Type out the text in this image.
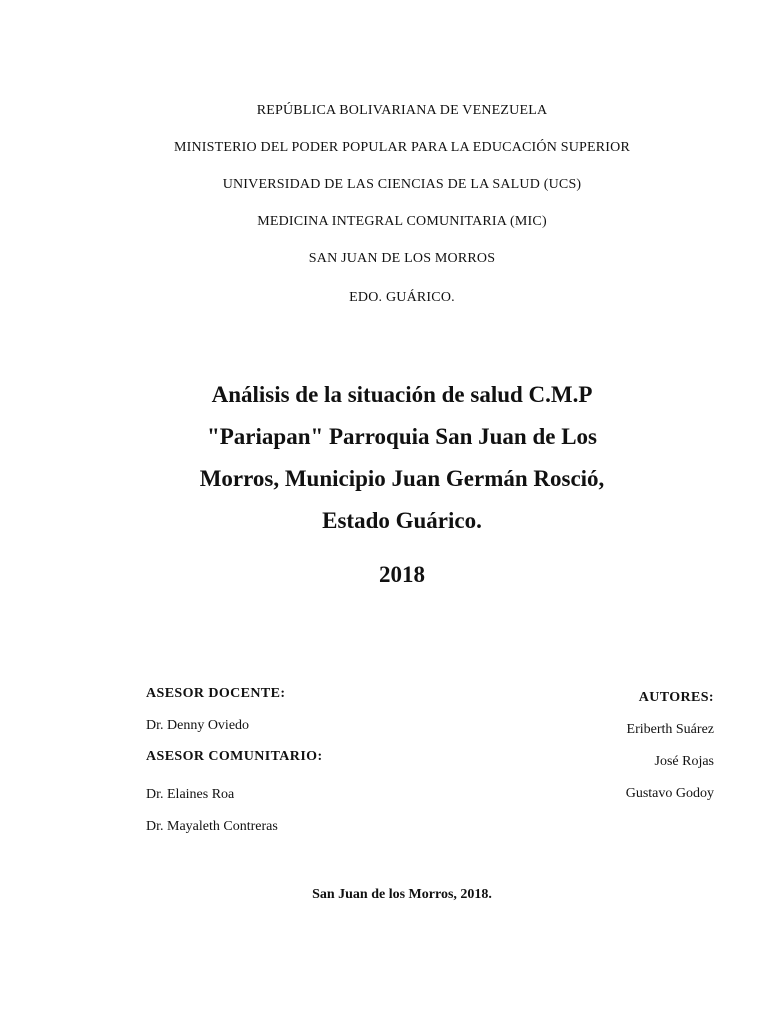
REPÚBLICA BOLIVARIANA DE VENEZUELA
MINISTERIO DEL PODER POPULAR PARA LA EDUCACIÓN SUPERIOR
UNIVERSIDAD DE LAS CIENCIAS DE LA SALUD (UCS)
MEDICINA INTEGRAL COMUNITARIA (MIC)
SAN JUAN DE LOS MORROS
EDO. GUÁRICO.
Análisis de la situación de salud C.M.P
"Pariapan" Parroquia San Juan de Los
Morros, Municipio Juan Germán Rosció,
Estado Guárico.
2018
ASESOR DOCENTE:
Dr. Denny Oviedo
ASESOR COMUNITARIO:
Dr. Elaines Roa
Dr. Mayaleth Contreras
AUTORES:
Eriberth Suárez
José Rojas
Gustavo Godoy
San Juan de los Morros, 2018.
